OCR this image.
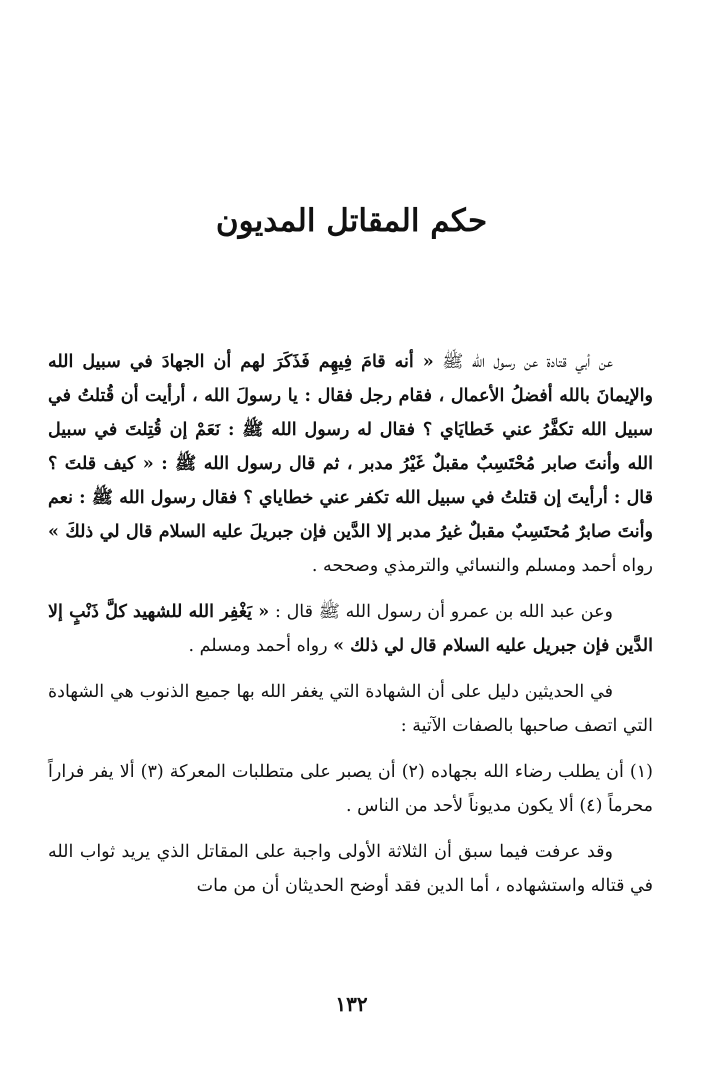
حكم المقاتل المديون

عن أبي قتادة عن رسول الله ﷺ « أنه قامَ فِيهِم فَذَكَرَ لهم أن الجهادَ في سبيل الله والإيمانَ بالله أفضلُ الأعمال ، فقام رجل فقال : يا رسولَ الله ، أرأيت أن قُتلتُ في سبيل الله تكفَّرُ عني خَطايَاي ؟ فقال له رسول الله ﷺ : نَعَمْ إن قُتِلتَ في سبيل الله وأنتَ صابر مُحْتَسِبٌ مقبلٌ غَيْرُ مدبر ، ثم قال رسول الله ﷺ : « كيف قلتَ ؟ قال : أرأيتَ إن قتلتُ في سبيل الله تكفر عني خطاياي ؟ فقال رسول الله ﷺ : نعم وأنتَ صابرٌ مُحتَسِبٌ مقبلٌ غيرُ مدبر إلا الدَّين فإن جبريلَ عليه السلام قال لي ذلكَ » رواه أحمد ومسلم والنسائي والترمذي وصححه .

وعن عبد الله بن عمرو أن رسول الله ﷺ قال : « يَغْفِر الله للشهيد كلَّ ذَنْبٍ إلا الدَّين فإن جبريل عليه السلام قال لي ذلك » رواه أحمد ومسلم .

في الحديثين دليل على أن الشهادة التي يغفر الله بها جميع الذنوب هي الشهادة التي اتصف صاحبها بالصفات الآتية :

(١) أن يطلب رضاء الله بجهاده (٢) أن يصبر على متطلبات المعركة (٣) ألا يفر فراراً محرماً (٤) ألا يكون مديوناً لأحد من الناس .

وقد عرفت فيما سبق أن الثلاثة الأولى واجبة على المقاتل الذي يريد ثواب الله في قتاله واستشهاده ، أما الدين فقد أوضح الحديثان أن من مات

١٣٢
